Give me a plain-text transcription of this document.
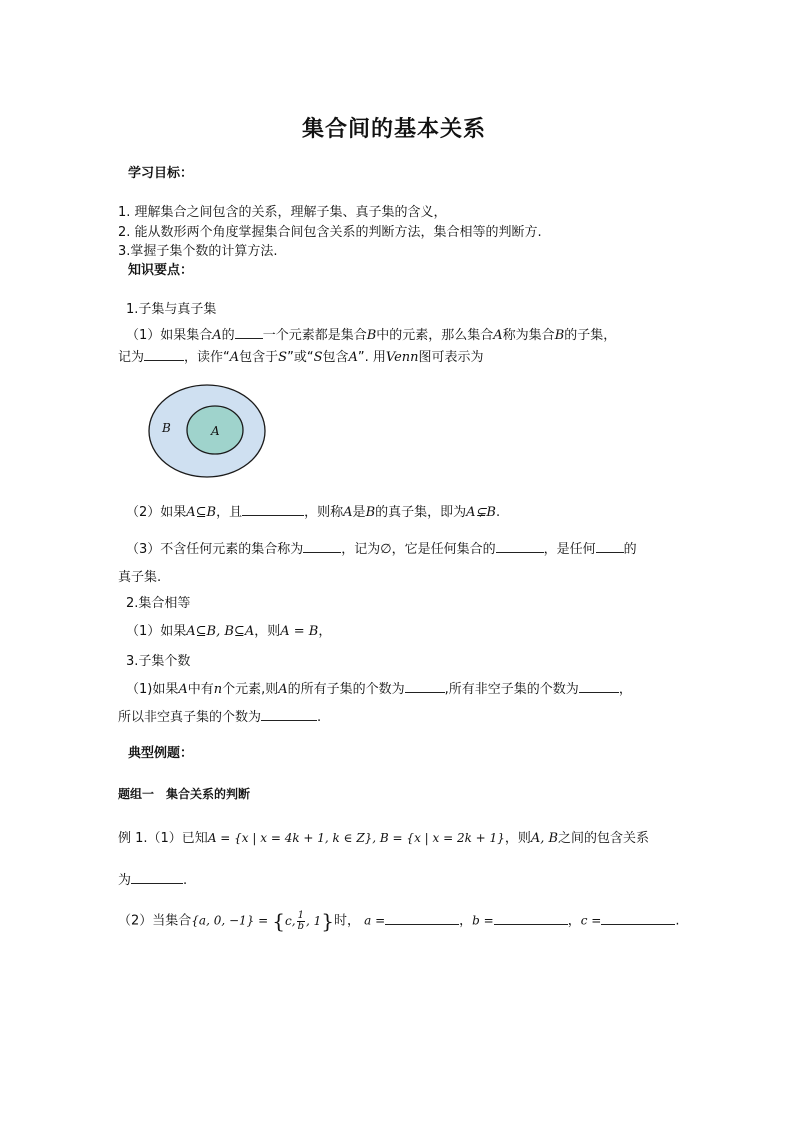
集合间的基本关系
学习目标：
1. 理解集合之间包含的关系，理解子集、真子集的含义，
2. 能从数形两个角度掌握集合间包含关系的判断方法，集合相等的判断方.
3.掌握子集个数的计算方法.
知识要点：
1.子集与真子集
（1）如果集合A的 一个元素都是集合B中的元素，那么集合A称为集合B的子集，
记为	，读作“A包含于S”或“S包含A”. 用Venn图可表示为
B	A
（2）如果A⊆B，且	，则称A是B的真子集，即为A⊊B.
（3）不含任何元素的集合称为	，记为∅，它是任何集合的	，是任何 的
真子集.
2.集合相等
（1）如果A⊆B, B⊆A，则A = B，
3.子集个数
（1)如果A中有n个元素,则A的所有子集的个数为	,所有非空子集的个数为	，
所以非空真子集的个数为	.
典型例题：
题组一　集合关系的判断
例 1.（1）已知A = {x | x = 4k + 1, k ∈ Z}, B = {x | x = 2k + 1}，则A, B之间的包含关系
为	.
（2）当集合{a, 0, −1} = {c, $\frac{1}{b}$ , 1}时， a =	，b =	，c =	.
